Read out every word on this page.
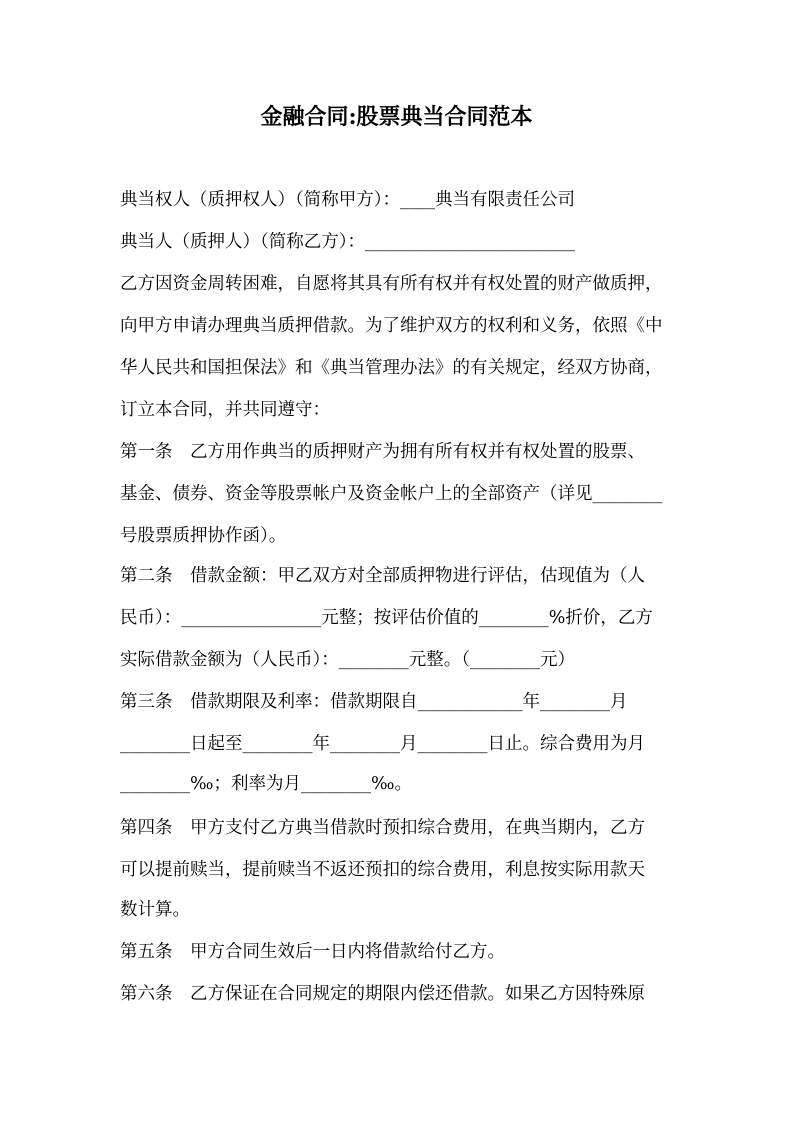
金融合同:股票典当合同范本
典当权人（质押权人）（简称甲方）：____典当有限责任公司
典当人（质押人）（简称乙方）：________________________
乙方因资金周转困难，自愿将其具有所有权并有权处置的财产做质押，
向甲方申请办理典当质押借款。为了维护双方的权利和义务，依照《中
华人民共和国担保法》和《典当管理办法》的有关规定，经双方协商，
订立本合同，并共同遵守：
第一条　乙方用作典当的质押财产为拥有所有权并有权处置的股票、
基金、债券、资金等股票帐户及资金帐户上的全部资产（详见________
号股票质押协作函）。
第二条　借款金额：甲乙双方对全部质押物进行评估，估现值为（人
民币）：________________元整；按评估价值的________%折价，乙方
实际借款金额为（人民币）：________元整。（________元）
第三条　借款期限及利率：借款期限自____________年________月
________日起至________年________月________日止。综合费用为月
________‰；利率为月________‰。
第四条　甲方支付乙方典当借款时预扣综合费用，在典当期内，乙方
可以提前赎当，提前赎当不返还预扣的综合费用，利息按实际用款天
数计算。
第五条　甲方合同生效后一日内将借款给付乙方。
第六条　乙方保证在合同规定的期限内偿还借款。如果乙方因特殊原
